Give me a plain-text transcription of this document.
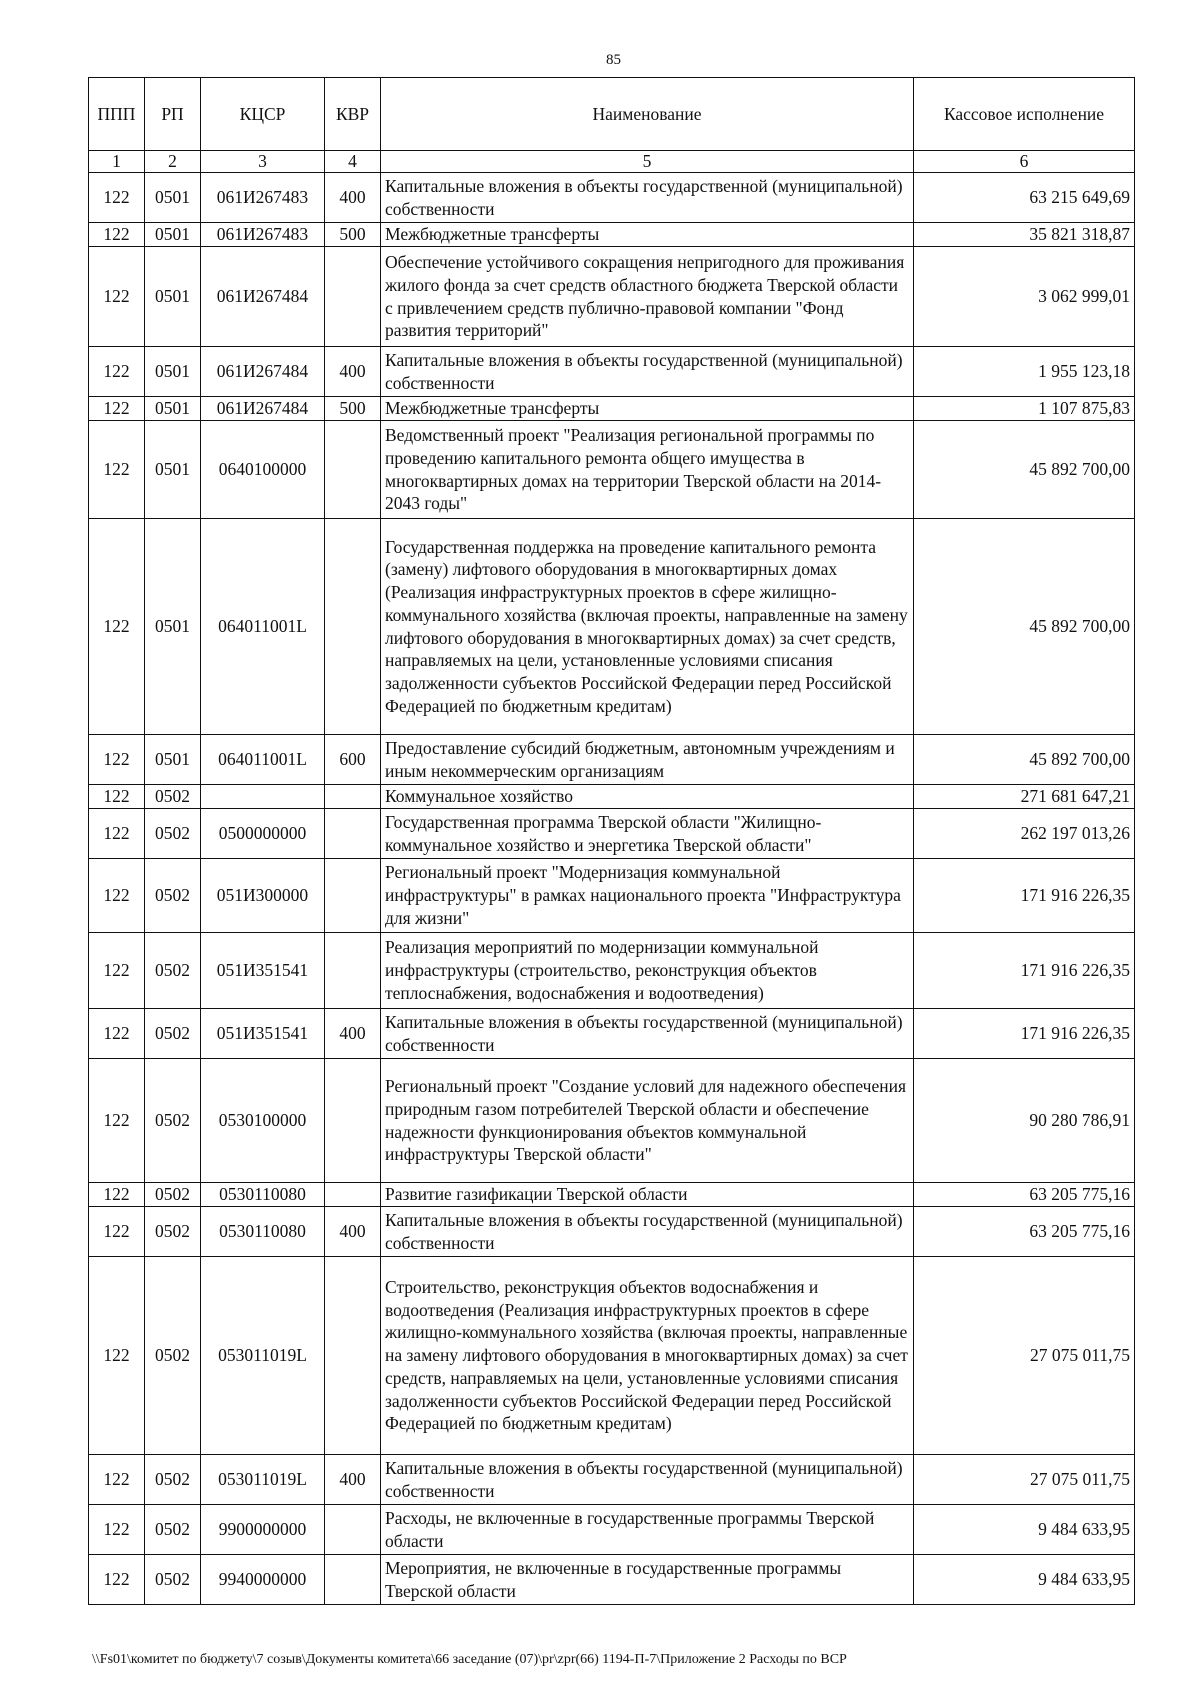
85
ППП	РП	КЦСР	КВР	Наименование	Кассовое исполнение
1	2	3	4	5	6
122	0501	061И267483	400	Капитальные вложения в объекты государственной (муниципальной) собственности	63 215 649,69
122	0501	061И267483	500	Межбюджетные трансферты	35 821 318,87
122	0501	061И267484		Обеспечение устойчивого сокращения непригодного для проживания жилого фонда за счет средств областного бюджета Тверской области с привлечением средств публично-правовой компании "Фонд развития территорий"	3 062 999,01
122	0501	061И267484	400	Капитальные вложения в объекты государственной (муниципальной) собственности	1 955 123,18
122	0501	061И267484	500	Межбюджетные трансферты	1 107 875,83
122	0501	0640100000		Ведомственный проект "Реализация региональной программы по проведению капитального ремонта общего имущества в многоквартирных домах на территории Тверской области на 2014-2043 годы"	45 892 700,00
122	0501	064011001L		Государственная поддержка на проведение капитального ремонта (замену) лифтового оборудования в многоквартирных домах (Реализация инфраструктурных проектов в сфере жилищно-коммунального хозяйства (включая проекты, направленные на замену лифтового оборудования в многоквартирных домах) за счет средств, направляемых на цели, установленные условиями списания задолженности субъектов Российской Федерации перед Российской Федерацией по бюджетным кредитам)	45 892 700,00
122	0501	064011001L	600	Предоставление субсидий бюджетным, автономным учреждениям и иным некоммерческим организациям	45 892 700,00
122	0502			Коммунальное хозяйство	271 681 647,21
122	0502	0500000000		Государственная программа Тверской области "Жилищно-коммунальное хозяйство и энергетика Тверской области"	262 197 013,26
122	0502	051И300000		Региональный проект "Модернизация коммунальной инфраструктуры" в рамках национального проекта "Инфраструктура для жизни"	171 916 226,35
122	0502	051И351541		Реализация мероприятий по модернизации коммунальной инфраструктуры (строительство, реконструкция объектов теплоснабжения, водоснабжения и водоотведения)	171 916 226,35
122	0502	051И351541	400	Капитальные вложения в объекты государственной (муниципальной) собственности	171 916 226,35
122	0502	0530100000		Региональный проект "Создание условий для надежного обеспечения природным газом потребителей Тверской области и обеспечение надежности функционирования объектов коммунальной инфраструктуры Тверской области"	90 280 786,91
122	0502	0530110080		Развитие газификации Тверской области	63 205 775,16
122	0502	0530110080	400	Капитальные вложения в объекты государственной (муниципальной) собственности	63 205 775,16
122	0502	053011019L		Строительство, реконструкция объектов водоснабжения и водоотведения (Реализация инфраструктурных проектов в сфере жилищно-коммунального хозяйства (включая проекты, направленные на замену лифтового оборудования в многоквартирных домах) за счет средств, направляемых на цели, установленные условиями списания задолженности субъектов Российской Федерации перед Российской Федерацией по бюджетным кредитам)	27 075 011,75
122	0502	053011019L	400	Капитальные вложения в объекты государственной (муниципальной) собственности	27 075 011,75
122	0502	9900000000		Расходы, не включенные в государственные программы Тверской области	9 484 633,95
122	0502	9940000000		Мероприятия, не включенные в государственные программы Тверской области	9 484 633,95
\\Fs01\комитет по бюджету\7 созыв\Документы комитета\66 заседание (07)\pr\zpr(66) 1194-П-7\Приложение 2 Расходы по ВСР
